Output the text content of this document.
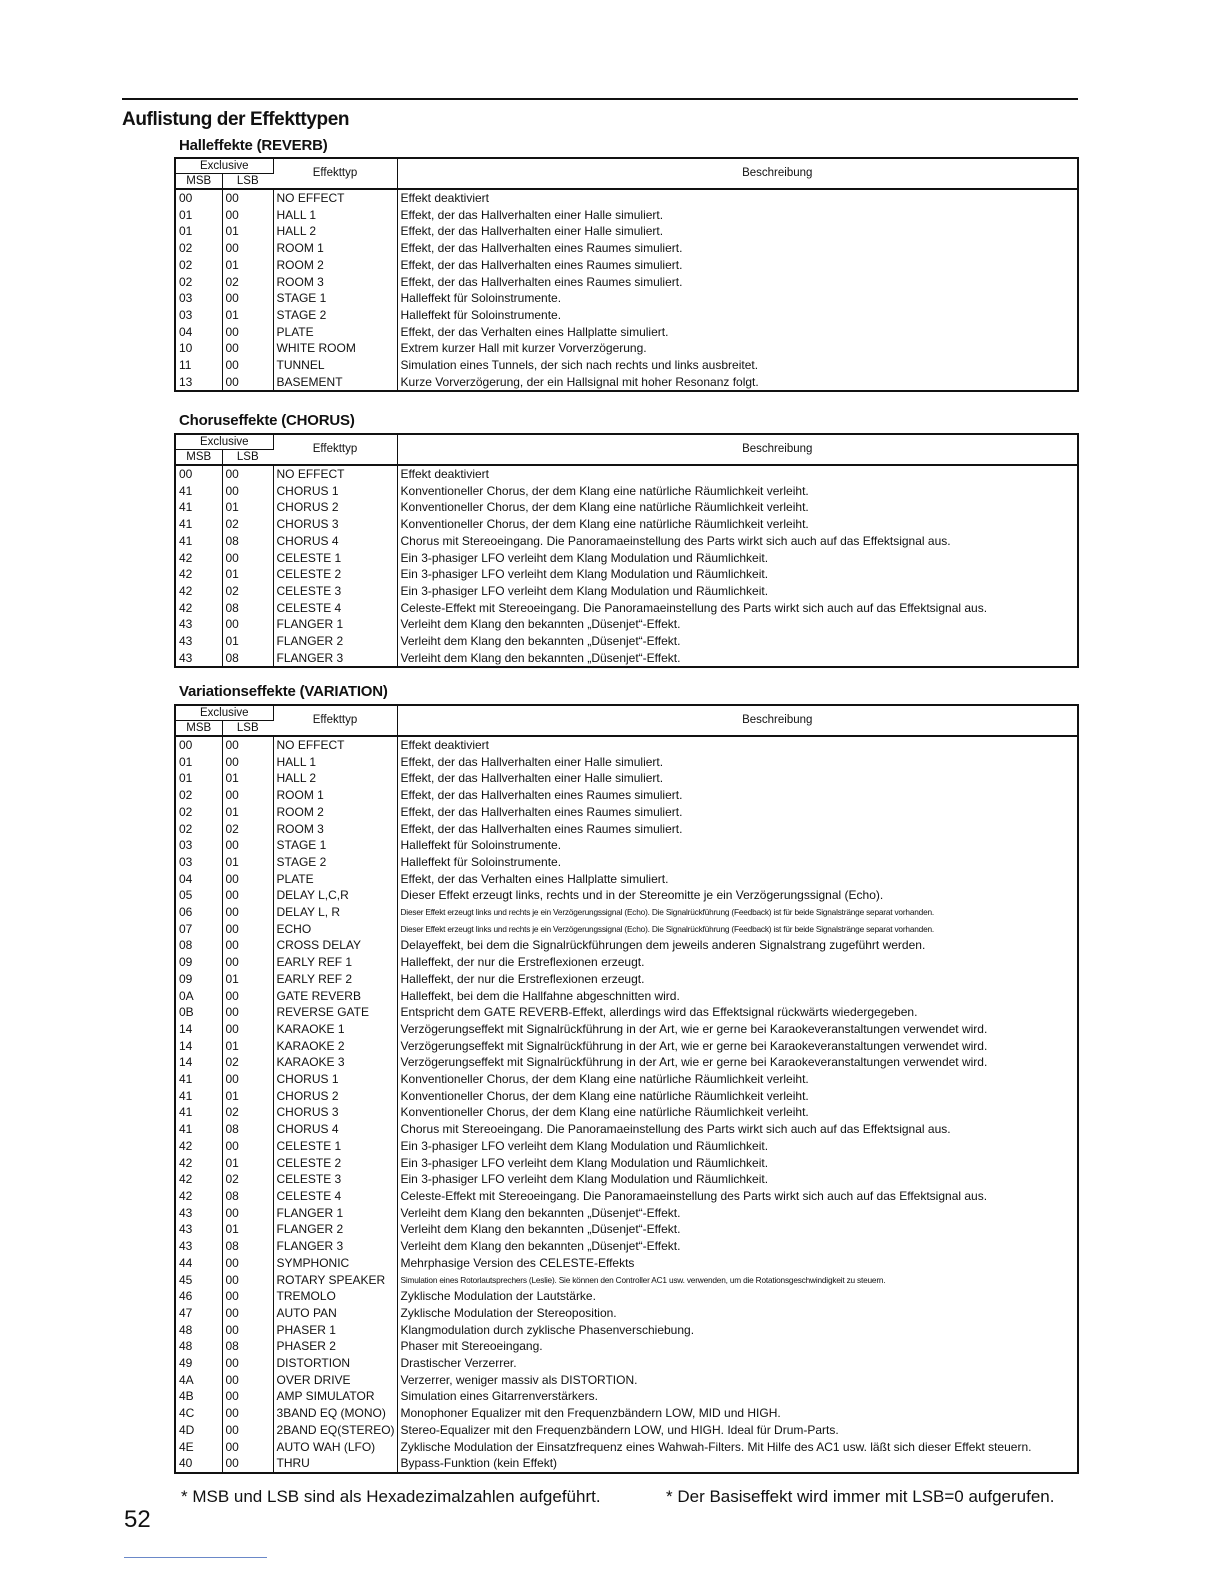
Auflistung der Effekttypen
Halleffekte (REVERB)
Exclusive		Effekttyp	Beschreibung
MSB	LSB		
00	00	NO EFFECT	Effekt deaktiviert
01	00	HALL 1	Effekt, der das Hallverhalten einer Halle simuliert.
01	01	HALL 2	Effekt, der das Hallverhalten einer Halle simuliert.
02	00	ROOM 1	Effekt, der das Hallverhalten eines Raumes simuliert.
02	01	ROOM 2	Effekt, der das Hallverhalten eines Raumes simuliert.
02	02	ROOM 3	Effekt, der das Hallverhalten eines Raumes simuliert.
03	00	STAGE 1	Halleffekt für Soloinstrumente.
03	01	STAGE 2	Halleffekt für Soloinstrumente.
04	00	PLATE	Effekt, der das Verhalten eines Hallplatte simuliert.
10	00	WHITE ROOM	Extrem kurzer Hall mit kurzer Vorverzögerung.
11	00	TUNNEL	Simulation eines Tunnels, der sich nach rechts und links ausbreitet.
13	00	BASEMENT	Kurze Vorverzögerung, der ein Hallsignal mit hoher Resonanz folgt.
Choruseffekte (CHORUS)
Exclusive		Effekttyp	Beschreibung
MSB	LSB		
00	00	NO EFFECT	Effekt deaktiviert
41	00	CHORUS 1	Konventioneller Chorus, der dem Klang eine natürliche Räumlichkeit verleiht.
41	01	CHORUS 2	Konventioneller Chorus, der dem Klang eine natürliche Räumlichkeit verleiht.
41	02	CHORUS 3	Konventioneller Chorus, der dem Klang eine natürliche Räumlichkeit verleiht.
41	08	CHORUS 4	Chorus mit Stereoeingang. Die Panoramaeinstellung des Parts wirkt sich auch auf das Effektsignal aus.
42	00	CELESTE 1	Ein 3-phasiger LFO verleiht dem Klang Modulation und Räumlichkeit.
42	01	CELESTE 2	Ein 3-phasiger LFO verleiht dem Klang Modulation und Räumlichkeit.
42	02	CELESTE 3	Ein 3-phasiger LFO verleiht dem Klang Modulation und Räumlichkeit.
42	08	CELESTE 4	Celeste-Effekt mit Stereoeingang. Die Panoramaeinstellung des Parts wirkt sich auch auf das Effektsignal aus.
43	00	FLANGER 1	Verleiht dem Klang den bekannten „Düsenjet“-Effekt.
43	01	FLANGER 2	Verleiht dem Klang den bekannten „Düsenjet“-Effekt.
43	08	FLANGER 3	Verleiht dem Klang den bekannten „Düsenjet“-Effekt.
Variationseffekte (VARIATION)
Exclusive		Effekttyp	Beschreibung
MSB	LSB		
00	00	NO EFFECT	Effekt deaktiviert
01	00	HALL 1	Effekt, der das Hallverhalten einer Halle simuliert.
01	01	HALL 2	Effekt, der das Hallverhalten einer Halle simuliert.
02	00	ROOM 1	Effekt, der das Hallverhalten eines Raumes simuliert.
02	01	ROOM 2	Effekt, der das Hallverhalten eines Raumes simuliert.
02	02	ROOM 3	Effekt, der das Hallverhalten eines Raumes simuliert.
03	00	STAGE 1	Halleffekt für Soloinstrumente.
03	01	STAGE 2	Halleffekt für Soloinstrumente.
04	00	PLATE	Effekt, der das Verhalten eines Hallplatte simuliert.
05	00	DELAY L,C,R	Dieser Effekt erzeugt links, rechts und in der Stereomitte je ein Verzögerungssignal (Echo).
06	00	DELAY L, R	Dieser Effekt erzeugt links und rechts je ein Verzögerungssignal (Echo). Die Signalrückführung (Feedback) ist für beide Signalstränge separat vorhanden.
07	00	ECHO	Dieser Effekt erzeugt links und rechts je ein Verzögerungssignal (Echo). Die Signalrückführung (Feedback) ist für beide Signalstränge separat vorhanden.
08	00	CROSS DELAY	Delayeffekt, bei dem die Signalrückführungen dem jeweils anderen Signalstrang zugeführt werden.
09	00	EARLY REF 1	Halleffekt, der nur die Erstreflexionen erzeugt.
09	01	EARLY REF 2	Halleffekt, der nur die Erstreflexionen erzeugt.
0A	00	GATE REVERB	Halleffekt, bei dem die Hallfahne abgeschnitten wird.
0B	00	REVERSE GATE	Entspricht dem GATE REVERB-Effekt, allerdings wird das Effektsignal rückwärts wiedergegeben.
14	00	KARAOKE 1	Verzögerungseffekt mit Signalrückführung in der Art, wie er gerne bei Karaokeveranstaltungen verwendet wird.
14	01	KARAOKE 2	Verzögerungseffekt mit Signalrückführung in der Art, wie er gerne bei Karaokeveranstaltungen verwendet wird.
14	02	KARAOKE 3	Verzögerungseffekt mit Signalrückführung in der Art, wie er gerne bei Karaokeveranstaltungen verwendet wird.
41	00	CHORUS 1	Konventioneller Chorus, der dem Klang eine natürliche Räumlichkeit verleiht.
41	01	CHORUS 2	Konventioneller Chorus, der dem Klang eine natürliche Räumlichkeit verleiht.
41	02	CHORUS 3	Konventioneller Chorus, der dem Klang eine natürliche Räumlichkeit verleiht.
41	08	CHORUS 4	Chorus mit Stereoeingang. Die Panoramaeinstellung des Parts wirkt sich auch auf das Effektsignal aus.
42	00	CELESTE 1	Ein 3-phasiger LFO verleiht dem Klang Modulation und Räumlichkeit.
42	01	CELESTE 2	Ein 3-phasiger LFO verleiht dem Klang Modulation und Räumlichkeit.
42	02	CELESTE 3	Ein 3-phasiger LFO verleiht dem Klang Modulation und Räumlichkeit.
42	08	CELESTE 4	Celeste-Effekt mit Stereoeingang. Die Panoramaeinstellung des Parts wirkt sich auch auf das Effektsignal aus.
43	00	FLANGER 1	Verleiht dem Klang den bekannten „Düsenjet“-Effekt.
43	01	FLANGER 2	Verleiht dem Klang den bekannten „Düsenjet“-Effekt.
43	08	FLANGER 3	Verleiht dem Klang den bekannten „Düsenjet“-Effekt.
44	00	SYMPHONIC	Mehrphasige Version des CELESTE-Effekts
45	00	ROTARY SPEAKER	Simulation eines Rotorlautsprechers (Leslie). Sie können den Controller AC1 usw. verwenden, um die Rotationsgeschwindigkeit zu steuern.
46	00	TREMOLO	Zyklische Modulation der Lautstärke.
47	00	AUTO PAN	Zyklische Modulation der Stereoposition.
48	00	PHASER 1	Klangmodulation durch zyklische Phasenverschiebung.
48	08	PHASER 2	Phaser mit Stereoeingang.
49	00	DISTORTION	Drastischer Verzerrer.
4A	00	OVER DRIVE	Verzerrer, weniger massiv als DISTORTION.
4B	00	AMP SIMULATOR	Simulation eines Gitarrenverstärkers.
4C	00	3BAND EQ (MONO)	Monophoner Equalizer mit den Frequenzbändern LOW, MID und HIGH.
4D	00	2BAND EQ(STEREO)	Stereo-Equalizer mit den Frequenzbändern LOW, und HIGH. Ideal für Drum-Parts.
4E	00	AUTO WAH (LFO)	Zyklische Modulation der Einsatzfrequenz eines Wahwah-Filters. Mit Hilfe des AC1 usw. läßt sich dieser Effekt steuern.
40	00	THRU	Bypass-Funktion (kein Effekt)
* MSB und LSB sind als Hexadezimalzahlen aufgeführt.	* Der Basiseffekt wird immer mit LSB=0 aufgerufen.
52
